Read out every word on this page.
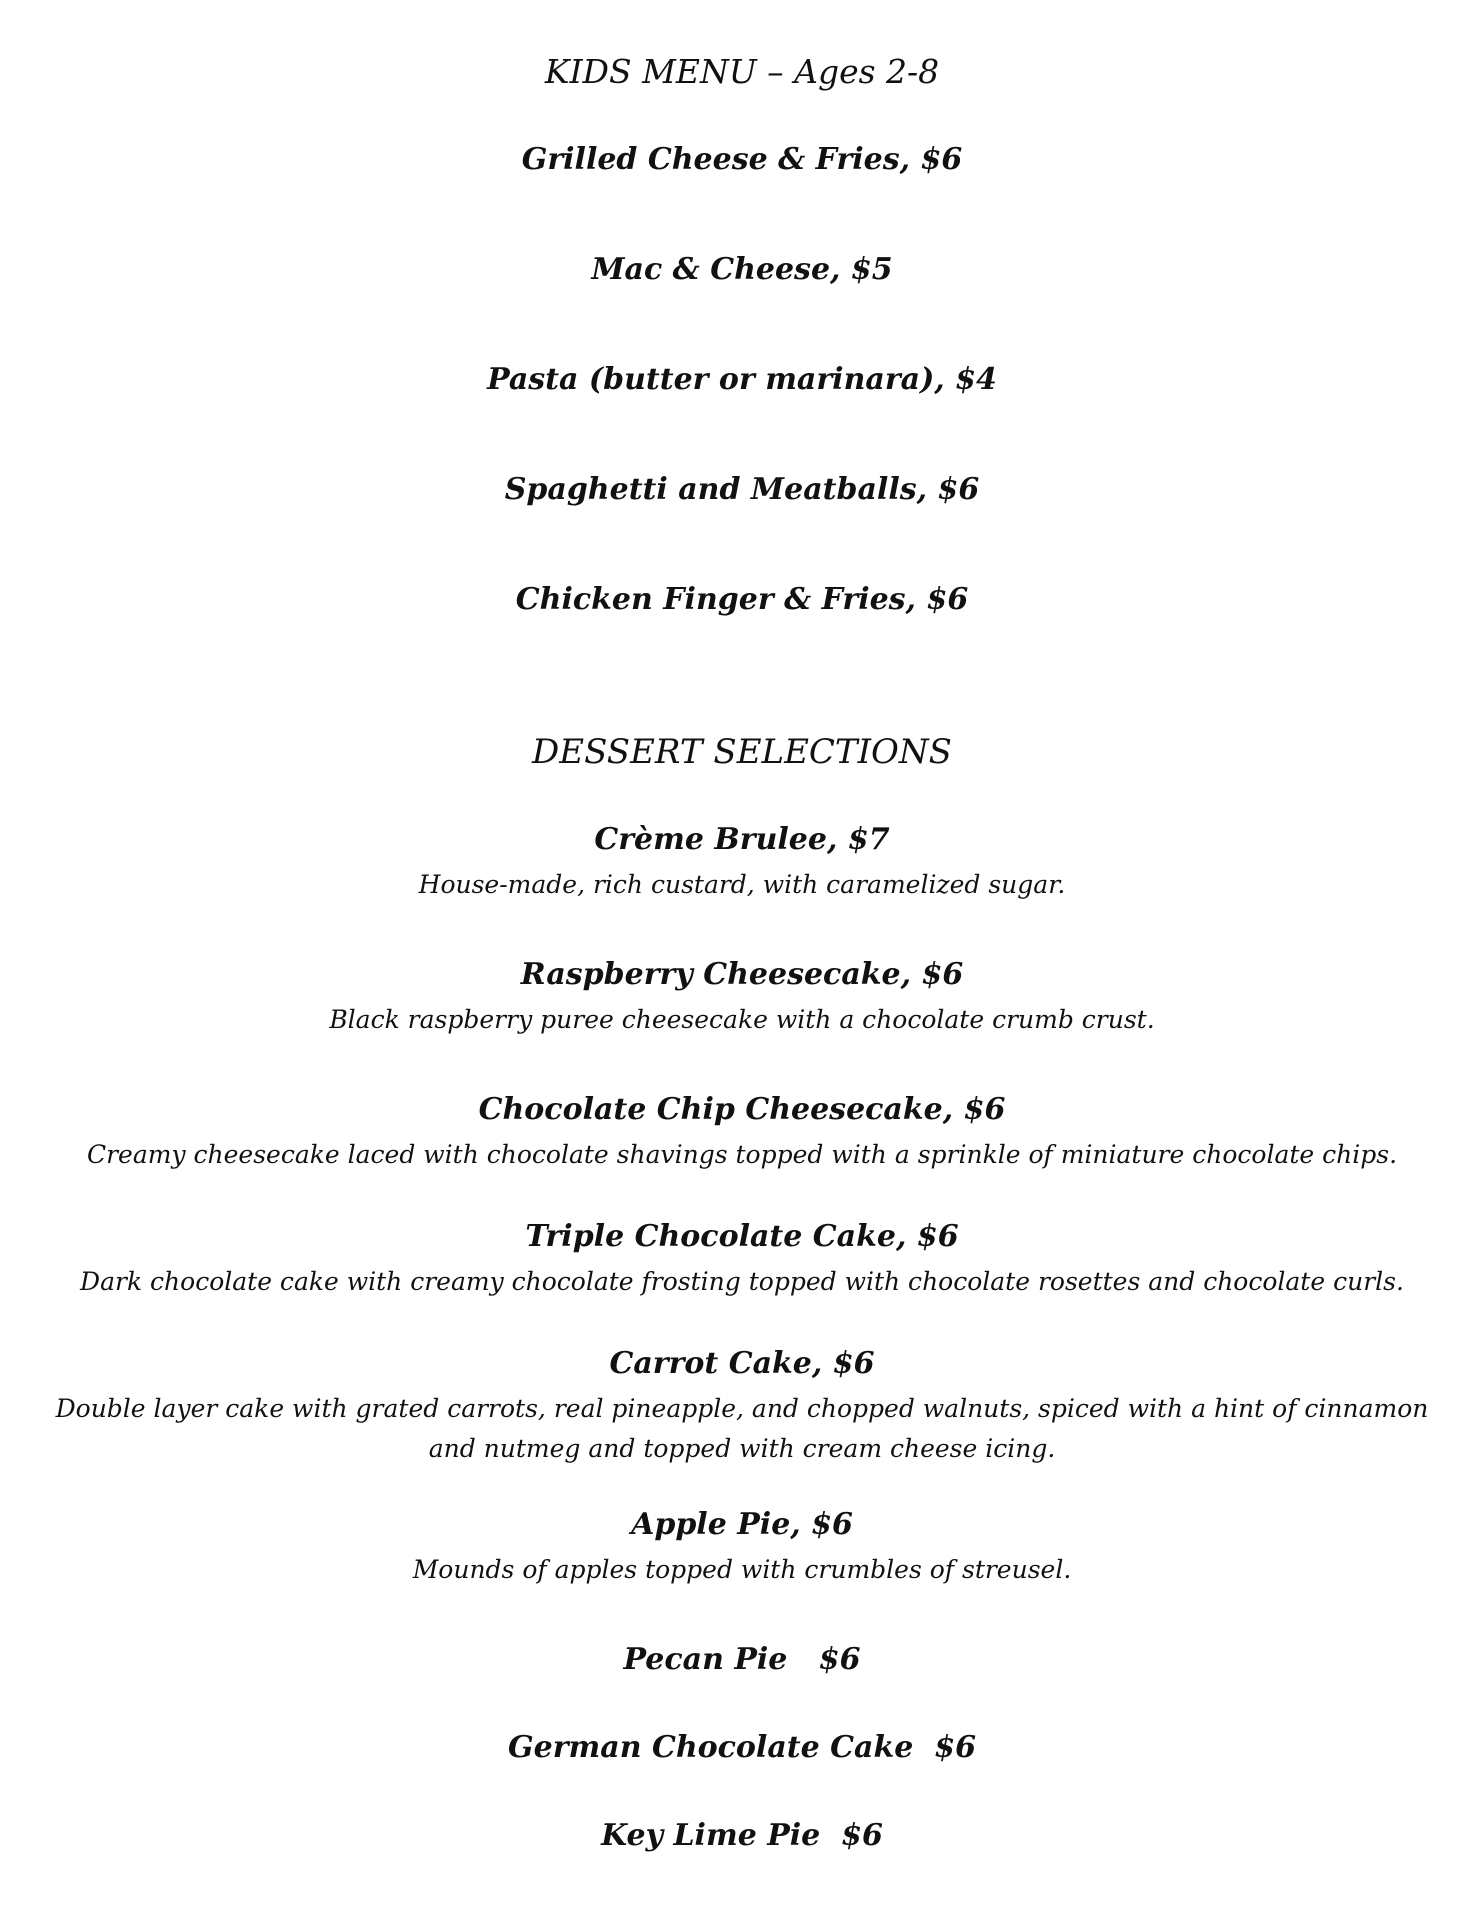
KIDS MENU – Ages 2-8
Grilled Cheese & Fries, $6
Mac & Cheese, $5
Pasta (butter or marinara), $4
Spaghetti and Meatballs, $6
Chicken Finger & Fries, $6
DESSERT SELECTIONS
Crème Brulee, $7
House-made, rich custard, with caramelized sugar.
Raspberry Cheesecake, $6
Black raspberry puree cheesecake with a chocolate crumb crust.
Chocolate Chip Cheesecake, $6
Creamy cheesecake laced with chocolate shavings topped with a sprinkle of miniature chocolate chips.
Triple Chocolate Cake, $6
Dark chocolate cake with creamy chocolate frosting topped with chocolate rosettes and chocolate curls.
Carrot Cake, $6
Double layer cake with grated carrots, real pineapple, and chopped walnuts, spiced with a hint of cinnamon
and nutmeg and topped with cream cheese icing.
Apple Pie, $6
Mounds of apples topped with crumbles of streusel.
Pecan Pie   $6
German Chocolate Cake  $6
Key Lime Pie  $6
